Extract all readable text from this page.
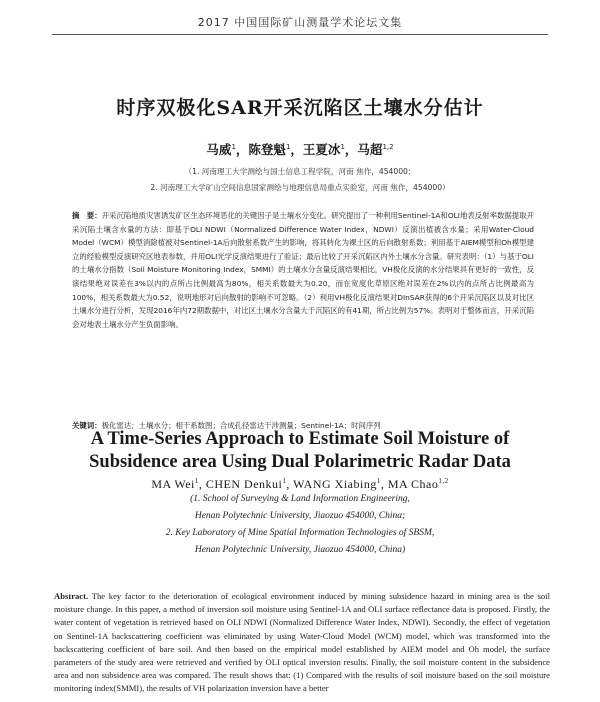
2017 中国国际矿山测量学术论坛文集
时序双极化SAR开采沉陷区土壤水分估计
马威$^1$，陈登魁$^1$，王夏冰$^1$，马超$^{1,2}$
（1. 河南理工大学测绘与国土信息工程学院，河南 焦作，454000；
2. 河南理工大学矿山空间信息国家测绘与地理信息局重点实验室，河南 焦作，454000）
摘　要：开采沉陷地质灾害诱发矿区生态环境恶化的关键因子是土壤水分变化。研究提出了一种利用Sentinel-1A和OLI地表反射率数据提取开采沉陷土壤含水量的方法：即基于OLI NDWI（Normalized Difference Water Index，NDWI）反演出植被含水量；采用Water-Cloud Model（WCM）模型消除植被对Sentinel-1A后向散射系数产生的影响，将其转化为裸土区的后向散射系数；利用基于AIEM模型和Oh模型建立的经验模型反演研究区地表参数，并用OLI光学反演结果进行了验证；最后比较了开采沉陷区内外土壤水分含量。研究表明：（1）与基于OLI的土壤水分指数（Soil Moisture Monitoring Index，SMMI）的土壤水分含量反演结果相比，VH极化反演的水分结果具有更好的一致性，反演结果绝对误差在3%以内的点所占比例最高为80%，相关系数最大为0.20，而在宽度化草原区绝对误差在2%以内的点所占比例最高为100%，相关系数最大为0.52，说明地形对后向散射的影响不可忽略。（2）利用VH极化反演结果对DInSAR获得的6个开采沉陷区以及对比区土壤水分进行分析，发现2016年内72期数据中，对比区土壤水分含量大于沉陷区的有41期，所占比例为57%。表明对于整体而言，开采沉陷会对地表土壤水分产生负面影响。
关键词：极化雷达；土壤水分；相干系数图；合成孔径雷达干涉测量；Sentinel-1A；时间序列
A Time-Series Approach to Estimate Soil Moisture of
Subsidence area Using Dual Polarimetric Radar Data
MA Wei$^1$, CHEN Denkui$^1$, WANG Xiabing$^1$, MA Chao$^{1,2}$
(1. School of Surveying & Land Information Engineering,
Henan Polytechnic University, Jiaozuo 454000, China;
2. Key Laboratory of Mine Spatial Information Technologies of SBSM,
Henan Polytechnic University, Jiaozuo 454000, China)
Abstract. The key factor to the deterioration of ecological environment induced by mining subsidence hazard in mining area is the soil moisture change. In this paper, a method of inversion soil moisture using Sentinel-1A and OLI surface reflectance data is proposed. Firstly, the water content of vegetation is retrieved based on OLI NDWI (Normalized Difference Water Index, NDWI). Secondly, the effect of vegetation on Sentinel-1A backscattering coefficient was eliminated by using Water-Cloud Model (WCM) model, which was transformed into the backscattering coefficient of bare soil. And then based on the empirical model established by AIEM model and Oh model, the surface parameters of the study area were retrieved and verified by OLI optical inversion results. Finally, the soil moisture content in the subsidence area and non subsidence area was compared. The result shows that: (1) Compared with the results of soil moisture based on the soil moisture monitoring index(SMMI), the results of VH polarization inversion have a better
